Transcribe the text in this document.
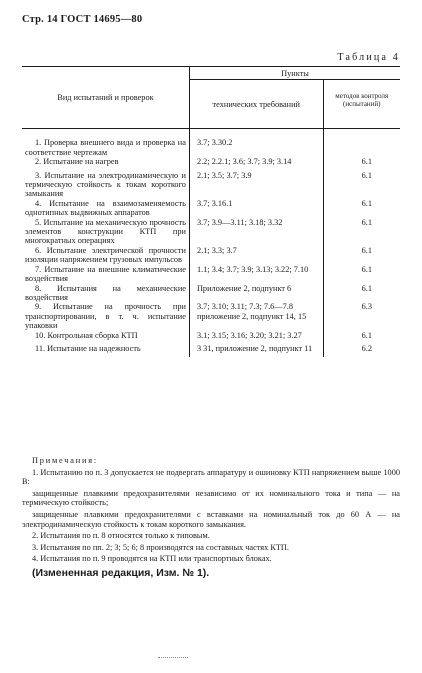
Стр. 14 ГОСТ 14695—80
Таблица 4
Вид испытаний и проверок	Пункты	
	технических требований	методов контроля (испытаний)
1. Проверка внешнего вида и проверка на соответствие чертежам	3.7; 3.30.2	
2. Испытание на нагрев	2.2; 2.2.1; 3.6; 3.7; 3.9; 3.14	6.1
3. Испытание на электродинамическую и термическую стойкость к токам короткого замыкания	2.1; 3.5; 3.7; 3.9	6.1
4. Испытание на взаимозаменяемость однотипных выдвижных аппаратов	3.7; 3.16.1	6.1
5. Испытание на механическую прочность элементов конструкции КТП при многократных операциях	3.7; 3.9—3.11; 3.18; 3.32	6.1
6. Испытание электрической прочности изоляции напряжением грузовых импульсов	2.1; 3.3; 3.7	6.1
7. Испытание на внешние климатические воздействия	1.1; 3.4; 3.7; 3.9; 3.13; 3.22; 7.10	6.1
8. Испытания на механические воздействия	Приложение 2, подпункт 6	6.1
9. Испытание на прочность при транспортировании, в т. ч. испытание упаковки	3.7; 3.10; 3.11; 7.3; 7.6—7.8 приложение 2, подпункт 14, 15	6.3
10. Контрольная сборка КТП	3.1; 3.15; 3.16; 3.20; 3.21; 3.27	6.1
11. Испытание на надежность	3 31, приложение 2, подпункт 11	6.2
Примечания:

1. Испытанию по п. 3 допускается не подвергать аппаратуру и ошиновку КТП напряжением выше 1000 В:

защищенные плавкими предохранителями независимо от их номинального тока и типа — на термическую стойкость;

защищенные плавкими предохранителями с вставками на номинальный ток до 60 А — на электродинамическую стойкость к токам короткого замыкания.

2. Испытания по п. 8 относятся только к типовым.

3. Испытания по пп. 2; 3; 5; 6; 8 производятся на составных частях КТП.

4. Испытания по п. 9 проводятся на КТП или транспортных блоках.

(Измененная редакция, Изм. № 1).
